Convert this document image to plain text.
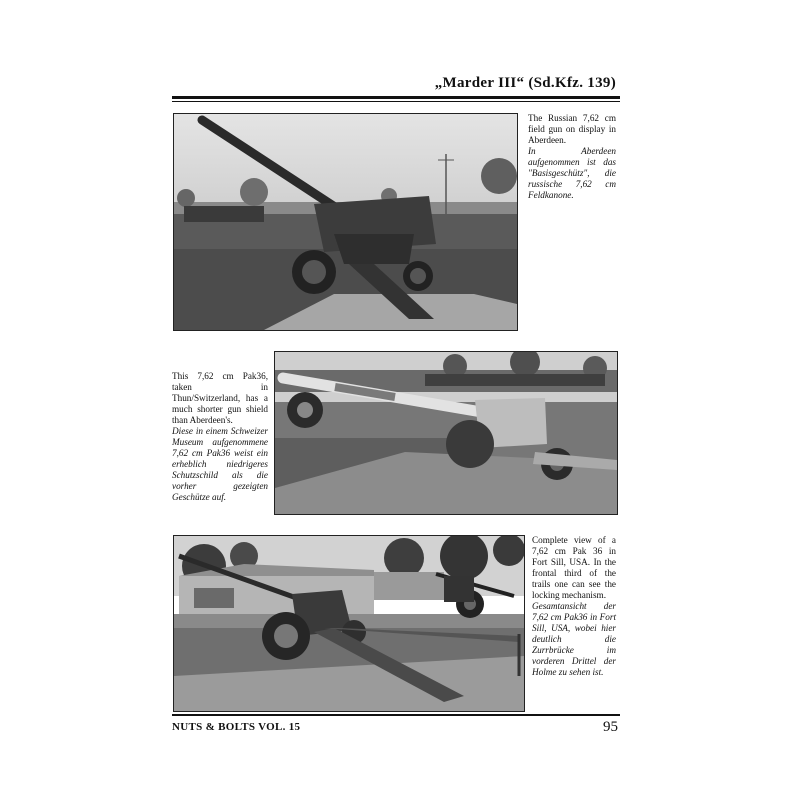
„Marder III“ (Sd.Kfz. 139)

The Russian 7,62 cm field gun on display in Aberdeen.

In Aberdeen aufgenommen ist das "Basisgeschütz", die russische 7,62 cm Feldkanone.

This 7,62 cm Pak36, taken in Thun/Switzerland, has a much shorter gun shield than Aberdeen's.

Diese in einem Schweizer Museum aufgenommene 7,62 cm Pak36 weist ein erheblich niedrigeres Schutzschild als die vorher gezeigten Geschütze auf.

Complete view of a 7,62 cm Pak 36 in Fort Sill, USA. In the frontal third of the trails one can see the locking mechanism.

Gesamtansicht der 7,62 cm Pak36 in Fort Sill, USA, wobei hier deutlich die Zurrbrücke im vorderen Drittel der Holme zu sehen ist.

NUTS & BOLTS VOL. 15	95
